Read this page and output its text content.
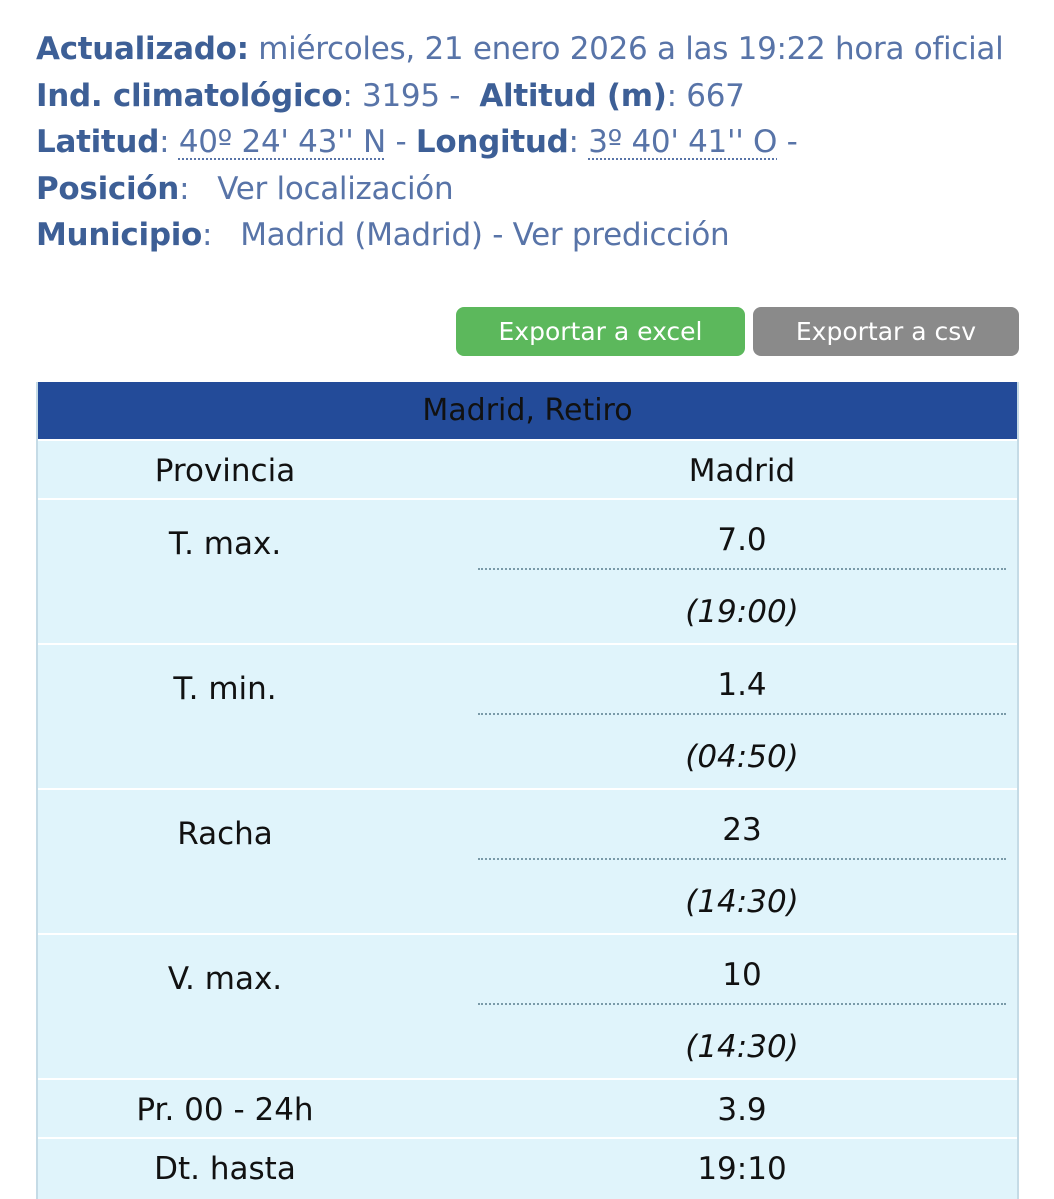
Actualizado: miércoles, 21 enero 2026 a las 19:22 hora oficial
Ind. climatológico: 3195 -  Altitud (m): 667
Latitud: 40º 24' 43'' N - Longitud: 3º 40' 41'' O -
Posición: Ver localización
Municipio: Madrid (Madrid) - Ver predicción
Exportar a excel	Exportar a csv
Madrid, Retiro
Provincia	Madrid
T. max.	7.0
(19:00)
T. min.	1.4
(04:50)
Racha	23
(14:30)
V. max.	10
(14:30)
Pr. 00 - 24h	3.9
Dt. hasta	19:10
